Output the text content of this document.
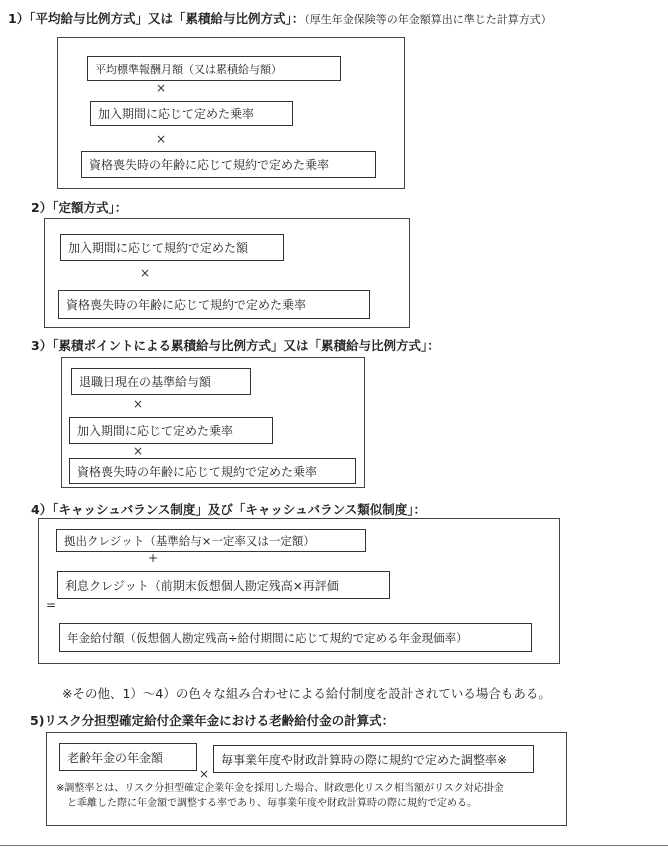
1）「平均給与比例方式」又は「累積給与比例方式」：（厚生年金保険等の年金額算出に準じた計算方式）
平均標準報酬月額（又は累積給与額）
×
加入期間に応じて定めた乗率
×
資格喪失時の年齢に応じて規約で定めた乗率
2）「定額方式」：
加入期間に応じて規約で定めた額
×
資格喪失時の年齢に応じて規約で定めた乗率
3）「累積ポイントによる累積給与比例方式」又は「累積給与比例方式」：
退職日現在の基準給与額
×
加入期間に応じて定めた乗率
×
資格喪失時の年齢に応じて規約で定めた乗率
4）「キャッシュバランス制度」及び「キャッシュバランス類似制度」：
拠出クレジット（基準給与×一定率又は一定額）
+
利息クレジット（前期末仮想個人勘定残高×再評価
=
年金給付額（仮想個人勘定残高÷給付期間に応じて規約で定める年金現価率）
※その他、1）～4）の色々な組み合わせによる給付制度を設計されている場合もある。
5)リスク分担型確定給付企業年金における老齢給付金の計算式：
老齢年金の年金額
×
毎事業年度や財政計算時の際に規約で定めた調整率※
※調整率とは、リスク分担型確定企業年金を採用した場合、財政悪化リスク相当額がリスク対応掛金
と乖離した際に年金額で調整する率であり、毎事業年度や財政計算時の際に規約で定める。
